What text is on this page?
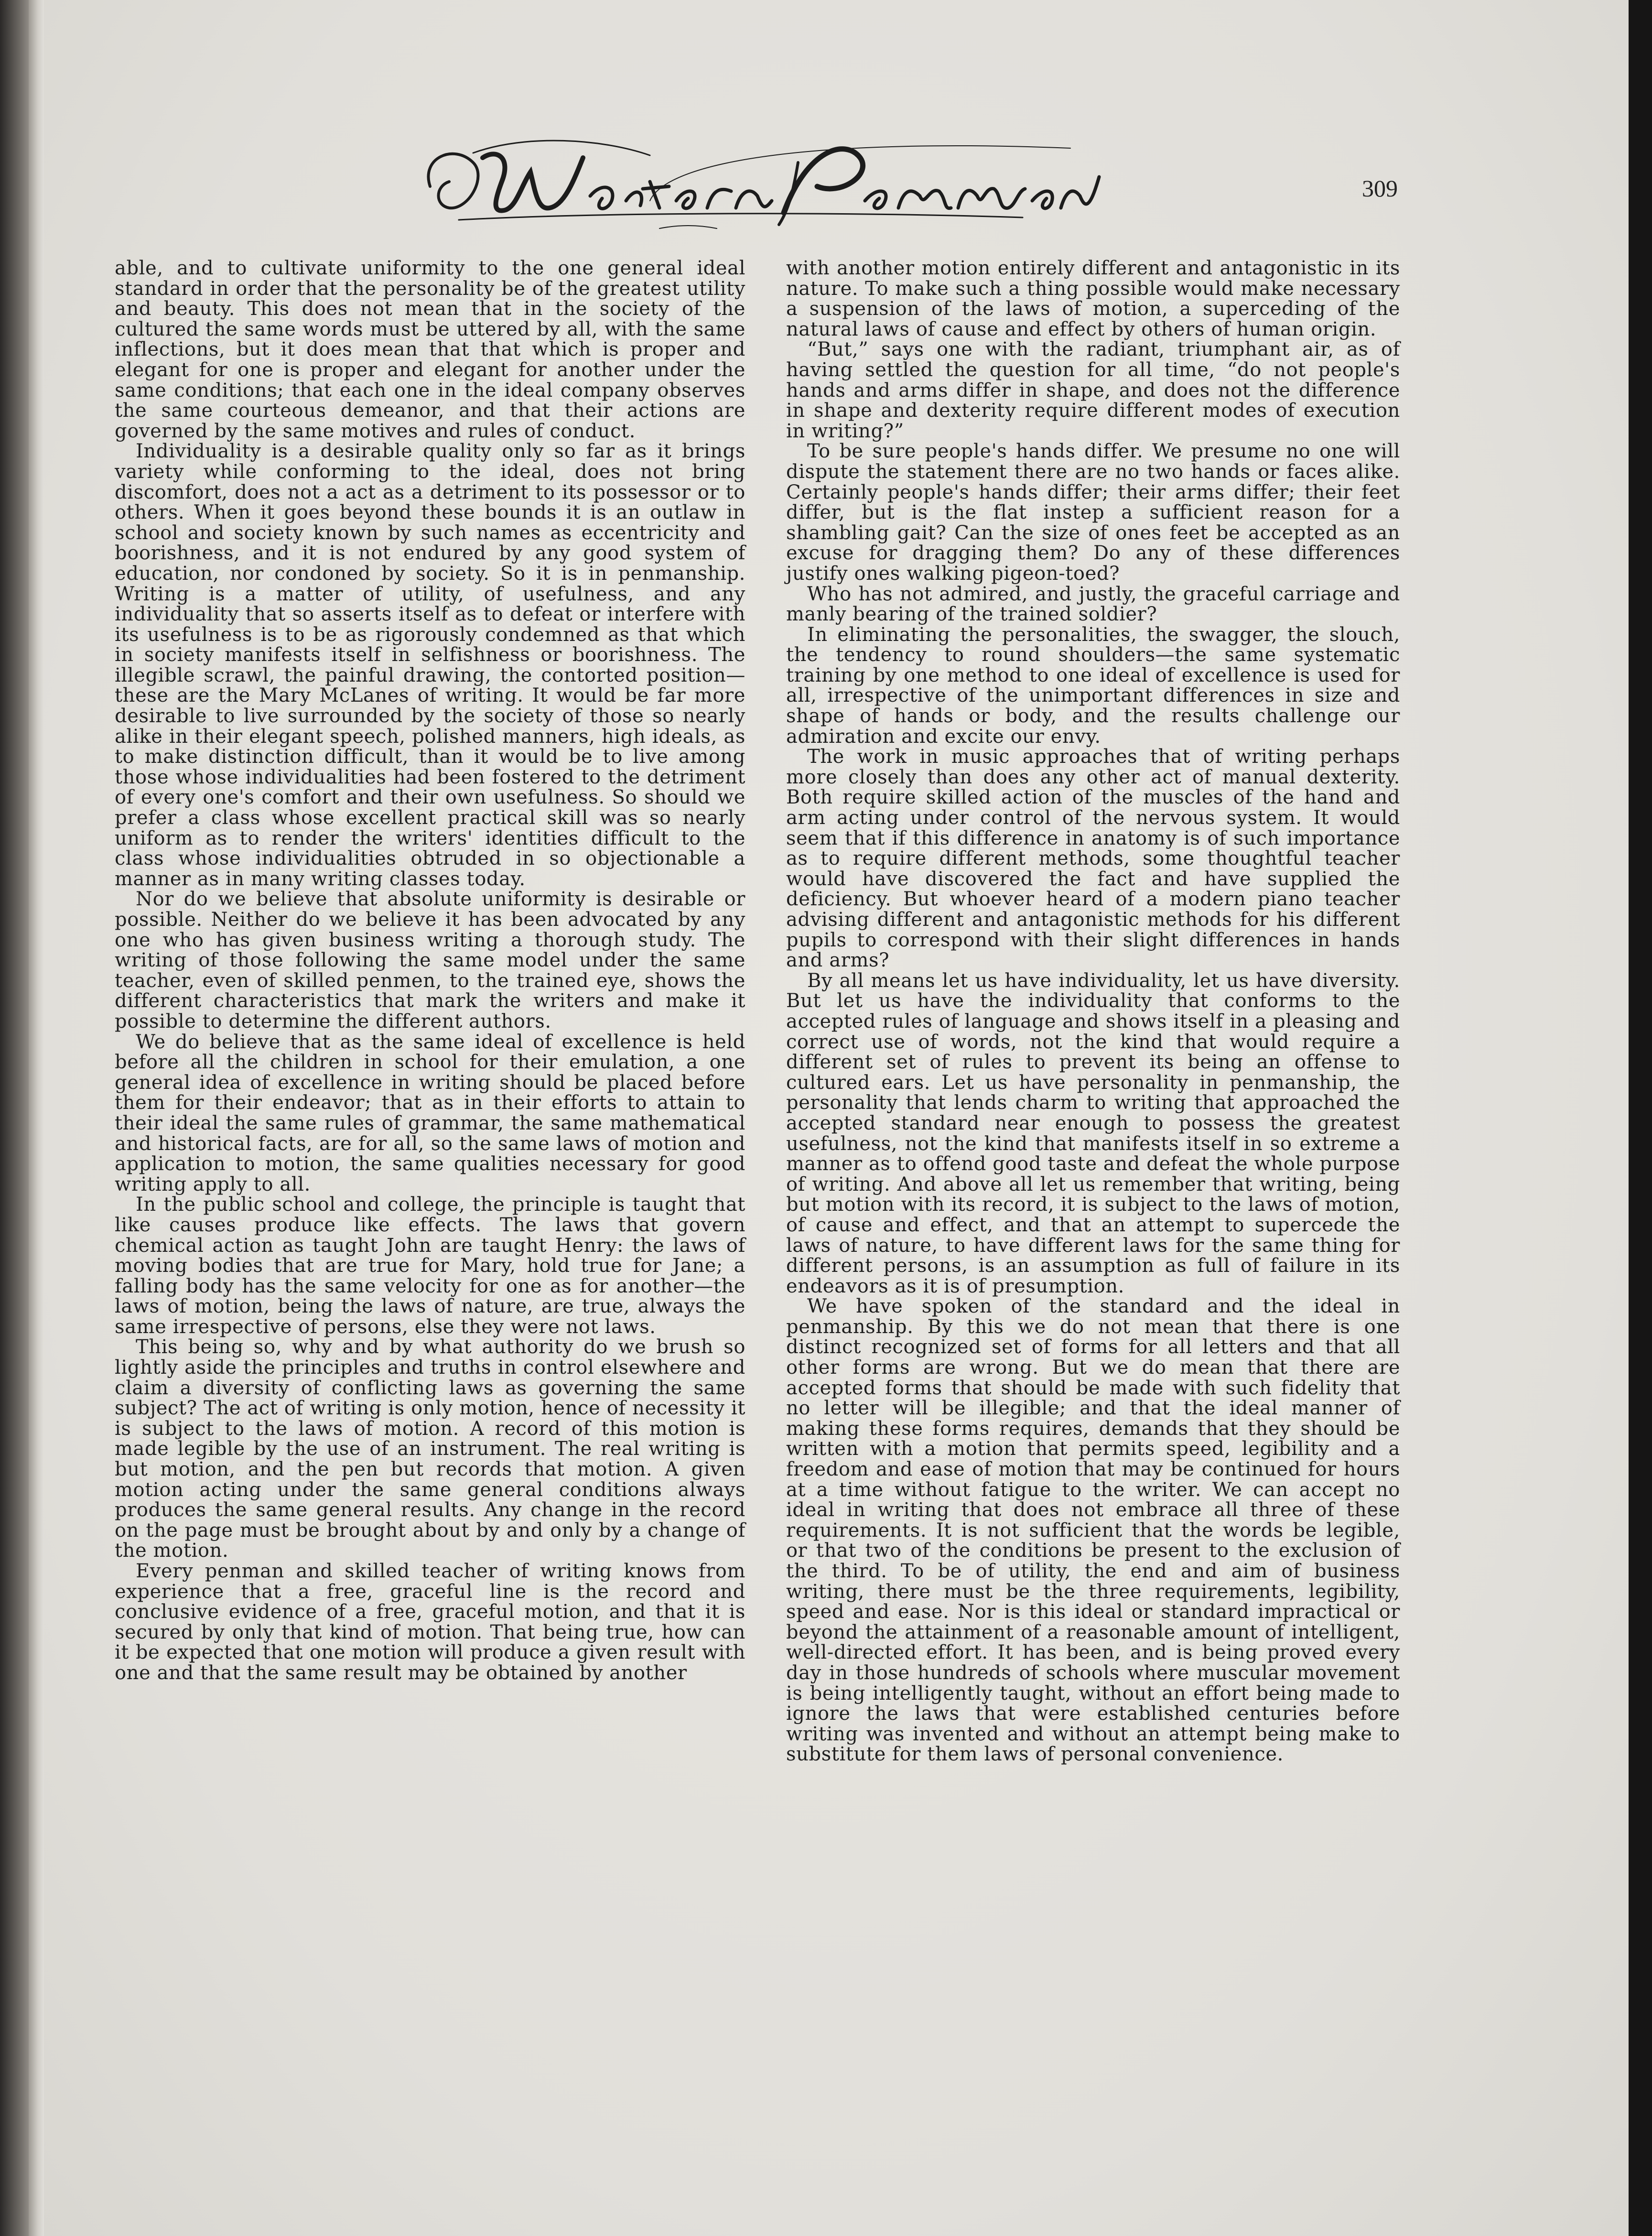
309

able, and to cultivate uniformity to the one general ideal standard in order that the personality be of the greatest utility and beauty. This does not mean that in the society of the cultured the same words must be uttered by all, with the same inflections, but it does mean that that which is proper and elegant for one is proper and elegant for another under the same conditions; that each one in the ideal company observes the same courteous demeanor, and that their actions are governed by the same motives and rules of conduct.

Individuality is a desirable quality only so far as it brings variety while conforming to the ideal, does not bring discomfort, does not a act as a detriment to its possessor or to others. When it goes beyond these bounds it is an outlaw in school and society known by such names as eccentricity and boorishness, and it is not endured by any good system of education, nor condoned by society. So it is in penmanship. Writing is a matter of utility, of usefulness, and any individuality that so asserts itself as to defeat or interfere with its usefulness is to be as rigorously condemned as that which in society manifests itself in selfishness or boorishness. The illegible scrawl, the painful drawing, the contorted position—these are the Mary McLanes of writing. It would be far more desirable to live surrounded by the society of those so nearly alike in their elegant speech, polished manners, high ideals, as to make distinction difficult, than it would be to live among those whose individualities had been fostered to the detriment of every one's comfort and their own usefulness. So should we prefer a class whose excellent practical skill was so nearly uniform as to render the writers' identities difficult to the class whose individualities obtruded in so objectionable a manner as in many writing classes today.

Nor do we believe that absolute uniformity is desirable or possible. Neither do we believe it has been advocated by any one who has given business writing a thorough study. The writing of those following the same model under the same teacher, even of skilled penmen, to the trained eye, shows the different characteristics that mark the writers and make it possible to determine the different authors.

We do believe that as the same ideal of excellence is held before all the children in school for their emulation, a one general idea of excellence in writing should be placed before them for their endeavor; that as in their efforts to attain to their ideal the same rules of grammar, the same mathematical and historical facts, are for all, so the same laws of motion and application to motion, the same qualities necessary for good writing apply to all.

In the public school and college, the principle is taught that like causes produce like effects. The laws that govern chemical action as taught John are taught Henry: the laws of moving bodies that are true for Mary, hold true for Jane; a falling body has the same velocity for one as for another—the laws of motion, being the laws of nature, are true, always the same irrespective of persons, else they were not laws.

This being so, why and by what authority do we brush so lightly aside the principles and truths in control elsewhere and claim a diversity of conflicting laws as governing the same subject? The act of writing is only motion, hence of necessity it is subject to the laws of motion. A record of this motion is made legible by the use of an instrument. The real writing is but motion, and the pen but records that motion. A given motion acting under the same general conditions always produces the same general results. Any change in the record on the page must be brought about by and only by a change of the motion.

Every penman and skilled teacher of writing knows from experience that a free, graceful line is the record and conclusive evidence of a free, graceful motion, and that it is secured by only that kind of motion. That being true, how can it be expected that one motion will produce a given result with one and that the same result may be obtained by another

with another motion entirely different and antagonistic in its nature. To make such a thing possible would make necessary a suspension of the laws of motion, a superceding of the natural laws of cause and effect by others of human origin.

“But,” says one with the radiant, triumphant air, as of having settled the question for all time, “do not people's hands and arms differ in shape, and does not the difference in shape and dexterity require different modes of execution in writing?”

To be sure people's hands differ. We presume no one will dispute the statement there are no two hands or faces alike. Certainly people's hands differ; their arms differ; their feet differ, but is the flat instep a sufficient reason for a shambling gait? Can the size of ones feet be accepted as an excuse for dragging them? Do any of these differences justify ones walking pigeon-toed?

Who has not admired, and justly, the graceful carriage and manly bearing of the trained soldier?

In eliminating the personalities, the swagger, the slouch, the tendency to round shoulders—the same systematic training by one method to one ideal of excellence is used for all, irrespective of the unimportant differences in size and shape of hands or body, and the results challenge our admiration and excite our envy.

The work in music approaches that of writing perhaps more closely than does any other act of manual dexterity. Both require skilled action of the muscles of the hand and arm acting under control of the nervous system. It would seem that if this difference in anatomy is of such importance as to require different methods, some thoughtful teacher would have discovered the fact and have supplied the deficiency. But whoever heard of a modern piano teacher advising different and antagonistic methods for his different pupils to correspond with their slight differences in hands and arms?

By all means let us have individuality, let us have diversity. But let us have the individuality that conforms to the accepted rules of language and shows itself in a pleasing and correct use of words, not the kind that would require a different set of rules to prevent its being an offense to cultured ears. Let us have personality in penmanship, the personality that lends charm to writing that approached the accepted standard near enough to possess the greatest usefulness, not the kind that manifests itself in so extreme a manner as to offend good taste and defeat the whole purpose of writing. And above all let us remember that writing, being but motion with its record, it is subject to the laws of motion, of cause and effect, and that an attempt to supercede the laws of nature, to have different laws for the same thing for different persons, is an assumption as full of failure in its endeavors as it is of presumption.

We have spoken of the standard and the ideal in penmanship. By this we do not mean that there is one distinct recognized set of forms for all letters and that all other forms are wrong. But we do mean that there are accepted forms that should be made with such fidelity that no letter will be illegible; and that the ideal manner of making these forms requires, demands that they should be written with a motion that permits speed, legibility and a freedom and ease of motion that may be continued for hours at a time without fatigue to the writer. We can accept no ideal in writing that does not embrace all three of these requirements. It is not sufficient that the words be legible, or that two of the conditions be present to the exclusion of the third. To be of utility, the end and aim of business writing, there must be the three requirements, legibility, speed and ease. Nor is this ideal or standard impractical or beyond the attainment of a reasonable amount of intelligent, well-directed effort. It has been, and is being proved every day in those hundreds of schools where muscular movement is being intelligently taught, without an effort being made to ignore the laws that were established centuries before writing was invented and without an attempt being make to substitute for them laws of personal convenience.
